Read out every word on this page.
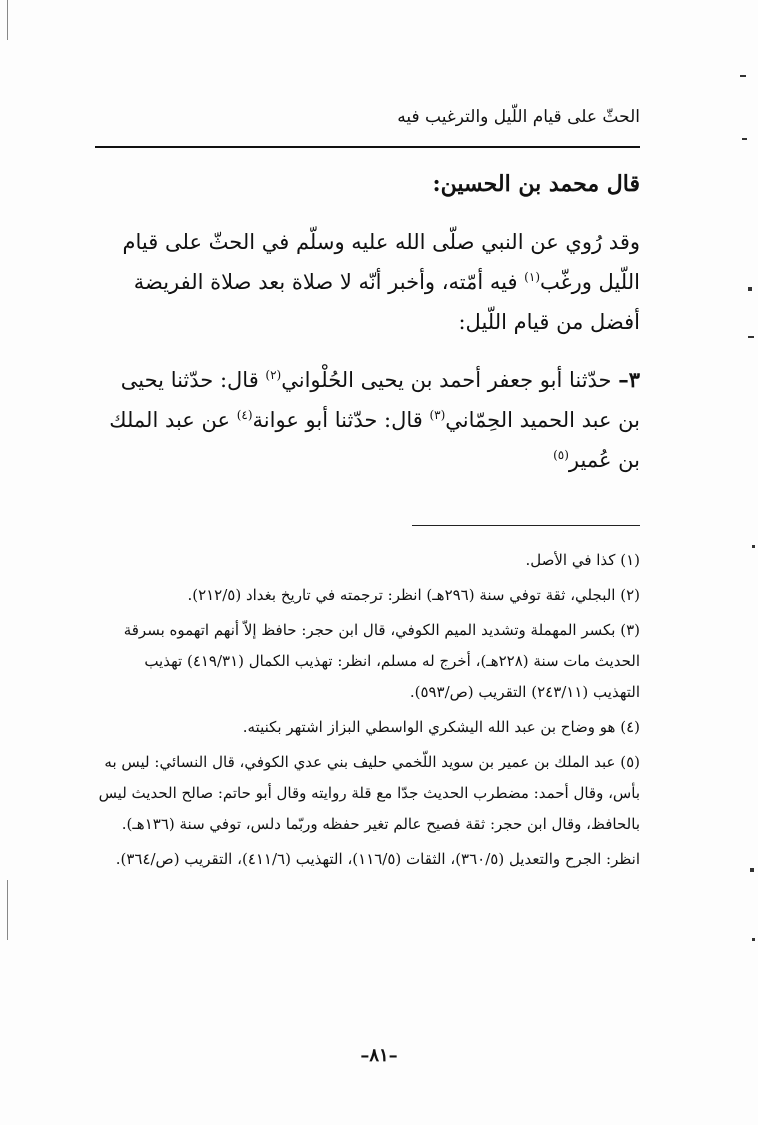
الحثّ على قيام اللّيل والترغيب فيه
قال محمد بن الحسين:

وقد رُوي عن النبي صلّى الله عليه وسلّم في الحثّ على قيام اللّيل ورغّب$^{(١)}$ فيه أمّته، وأخبر أنّه لا صلاة بعد صلاة الفريضة أفضل من قيام اللّيل:

٣– حدّثنا أبو جعفر أحمد بن يحيى الحُلْواني$^{(٢)}$ قال: حدّثنا يحيى بن عبد الحميد الحِمّاني$^{(٣)}$ قال: حدّثنا أبو عوانة$^{(٤)}$ عن عبد الملك بن عُمير$^{(٥)}$

(١) كذا في الأصل.
(٢) البجلي، ثقة توفي سنة (٢٩٦هـ) انظر: ترجمته في تاريخ بغداد (٢١٢/٥).
(٣) بكسر المهملة وتشديد الميم الكوفي، قال ابن حجر: حافظ إلاّ أنهم اتهموه بسرقة الحديث مات سنة (٢٢٨هـ)، أخرج له مسلم، انظر: تهذيب الكمال (٤١٩/٣١) تهذيب التهذيب (٢٤٣/١١) التقريب (ص/٥٩٣).
(٤) هو وضاح بن عبد الله اليشكري الواسطي البزاز اشتهر بكنيته.
(٥) عبد الملك بن عمير بن سويد اللّخمي حليف بني عدي الكوفي، قال النسائي: ليس به بأس، وقال أحمد: مضطرب الحديث جدّا مع قلة روايته وقال أبو حاتم: صالح الحديث ليس بالحافظ، وقال ابن حجر: ثقة فصيح عالم تغير حفظه وربّما دلس، توفي سنة (١٣٦هـ).
انظر: الجرح والتعديل (٣٦٠/٥)، الثقات (١١٦/٥)، التهذيب (٤١١/٦)، التقريب (ص/٣٦٤).
–٨١–
